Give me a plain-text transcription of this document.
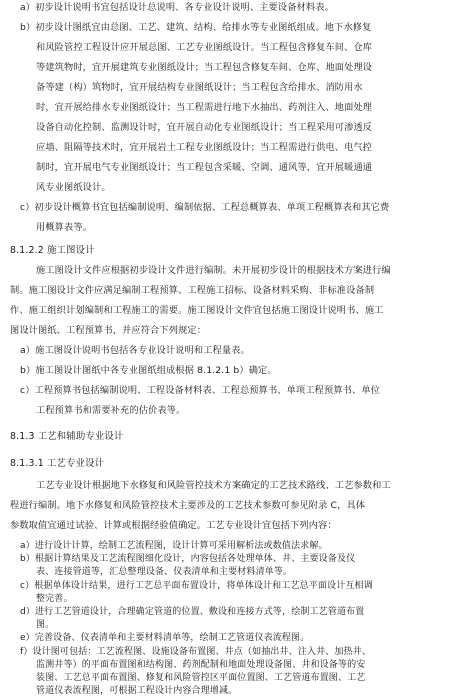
a）初步设计说明书宜包括设计总说明、各专业设计说明、主要设备材料表。
b）初步设计图纸宜由总图、工艺、建筑、结构、给排水等专业图纸组成。地下水修复
和风险管控工程设计应开展总图、工艺专业图纸设计。当工程包含修复车间、仓库
等建筑物时，宜开展建筑专业图纸设计；当工程包含修复车间、仓库、地面处理设
备等建（构）筑物时，宜开展结构专业图纸设计；当工程包含给排水、消防用水
时，宜开展给排水专业图纸设计；当工程需进行地下水抽出、药剂注入、地面处理
设备自动化控制、监测设计时，宜开展自动化专业图纸设计；当工程采用可渗透反
应墙、阻隔等技术时，宜开展岩土工程专业图纸设计；当工程需进行供电、电气控
制时，宜开展电气专业图纸设计；当工程包含采暖、空调、通风等，宜开展暖通通
风专业图纸设计。
c）初步设计概算书宜包括编制说明、编制依据、工程总概算表、单项工程概算表和其它费
用概算表等。
8.1.2.2 施工图设计
施工图设计文件应根据初步设计文件进行编制。未开展初步设计的根据技术方案进行编
制。施工图设计文件应满足编制工程预算、工程施工招标、设备材料采购、非标准设备制
作、施工组织计划编制和工程施工的需要。施工图设计文件宜包括施工图设计说明书、施工
图设计图纸、工程预算书，并应符合下列规定：
a）施工图设计说明书包括各专业设计说明和工程量表。
b）施工图设计图纸中各专业图纸组成根据 8.1.2.1 b）确定。
c）工程预算书包括编制说明、工程设备材料表、工程总预算书、单项工程预算书、单位
工程预算书和需要补充的估价表等。
8.1.3 工艺和辅助专业设计
8.1.3.1 工艺专业设计
工艺专业设计根据地下水修复和风险管控技术方案确定的工艺技术路线、工艺参数和工
程进行编制。地下水修复和风险管控技术主要涉及的工艺技术参数可参见附录 C，具体
参数取值宜通过试验、计算或根据经验值确定。工艺专业设计宜包括下列内容：
a）进行设计计算，绘制工艺流程图，设计计算可采用解析法或数值法求解。
b）根据计算结果及工艺流程图细化设计，内容包括各处理单体、井、主要设备及仪
表、连接管道等，汇总整理设备、仪表清单和主要材料清单等。
c）根据单体设计结果，进行工艺总平面布置设计，将单体设计和工艺总平面设计互相调
整完善。
d）进行工艺管道设计，合理确定管道的位置、敷设和连接方式等，绘制工艺管道布置
图。
e）完善设备、仪表清单和主要材料清单等，绘制工艺管道仪表流程图。
f）设计图可包括：工艺流程图、设施设备布置图、井点（如抽出井、注入井、加热井、
监测井等）的平面布置图和结构图、药剂配制和地面处理设备图、井和设备等的安
装图、工艺总平面布置图、修复和风险管控区平面位置图、工艺管道布置图、工艺
管道仪表流程图，可根据工程设计内容合理增减。
